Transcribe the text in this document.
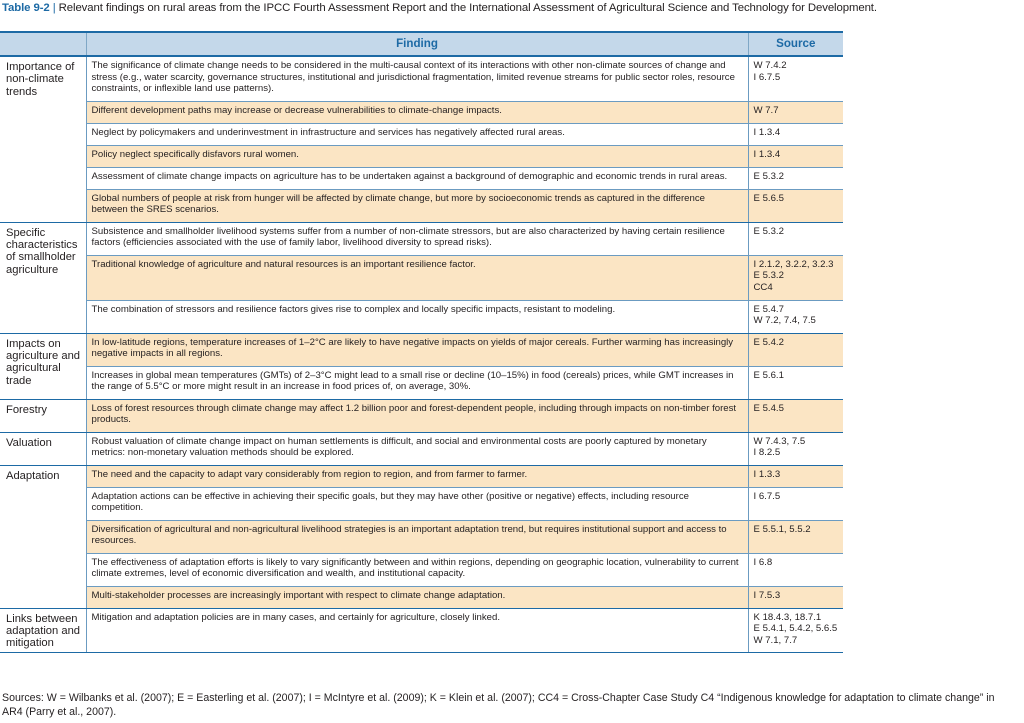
Table 9-2 | Relevant findings on rural areas from the IPCC Fourth Assessment Report and the International Assessment of Agricultural Science and Technology for Development.
	Finding	Source
Importance of non-climate trends	The significance of climate change needs to be considered in the multi-causal context of its interactions with other non-climate sources of change and stress (e.g., water scarcity, governance structures, institutional and jurisdictional fragmentation, limited revenue streams for public sector roles, resource constraints, or inflexible land use patterns).	W 7.4.2
I 6.7.5

	Different development paths may increase or decrease vulnerabilities to climate-change impacts.	W 7.7

	Neglect by policymakers and underinvestment in infrastructure and services has negatively affected rural areas.	I 1.3.4

	Policy neglect specifically disfavors rural women.	I 1.3.4

	Assessment of climate change impacts on agriculture has to be undertaken against a background of demographic and economic trends in rural areas.	E 5.3.2

	Global numbers of people at risk from hunger will be affected by climate change, but more by socioeconomic trends as captured in the difference between the SRES scenarios.	E 5.6.5

Specific characteristics of smallholder agriculture	Subsistence and smallholder livelihood systems suffer from a number of non-climate stressors, but are also characterized by having certain resilience factors (efficiencies associated with the use of family labor, livelihood diversity to spread risks).	E 5.3.2

	Traditional knowledge of agriculture and natural resources is an important resilience factor.	I 2.1.2, 3.2.2, 3.2.3
E 5.3.2
CC4

	The combination of stressors and resilience factors gives rise to complex and locally specific impacts, resistant to modeling.	E 5.4.7
W 7.2, 7.4, 7.5

Impacts on agriculture and agricultural trade	In low-latitude regions, temperature increases of 1–2°C are likely to have negative impacts on yields of major cereals. Further warming has increasingly negative impacts in all regions.	E 5.4.2

	Increases in global mean temperatures (GMTs) of 2–3°C might lead to a small rise or decline (10–15%) in food (cereals) prices, while GMT increases in the range of 5.5°C or more might result in an increase in food prices of, on average, 30%.	E 5.6.1

Forestry	Loss of forest resources through climate change may affect 1.2 billion poor and forest-dependent people, including through impacts on non-timber forest products.	E 5.4.5

Valuation	Robust valuation of climate change impact on human settlements is difficult, and social and environmental costs are poorly captured by monetary metrics: non-monetary valuation methods should be explored.	W 7.4.3, 7.5
I 8.2.5

Adaptation	The need and the capacity to adapt vary considerably from region to region, and from farmer to farmer.	I 1.3.3

	Adaptation actions can be effective in achieving their specific goals, but they may have other (positive or negative) effects, including resource competition.	I 6.7.5

	Diversification of agricultural and non-agricultural livelihood strategies is an important adaptation trend, but requires institutional support and access to resources.	E 5.5.1, 5.5.2

	The effectiveness of adaptation efforts is likely to vary significantly between and within regions, depending on geographic location, vulnerability to current climate extremes, level of economic diversification and wealth, and institutional capacity.	I 6.8

	Multi-stakeholder processes are increasingly important with respect to climate change adaptation.	I 7.5.3

Links between adaptation and mitigation	Mitigation and adaptation policies are in many cases, and certainly for agriculture, closely linked.	K 18.4.3, 18.7.1
E 5.4.1, 5.4.2, 5.6.5
W 7.1, 7.7
Sources: W = Wilbanks et al. (2007); E = Easterling et al. (2007); I = McIntyre et al. (2009); K = Klein et al. (2007); CC4 = Cross-Chapter Case Study C4 “Indigenous knowledge for adaptation to climate change” in AR4 (Parry et al., 2007).
